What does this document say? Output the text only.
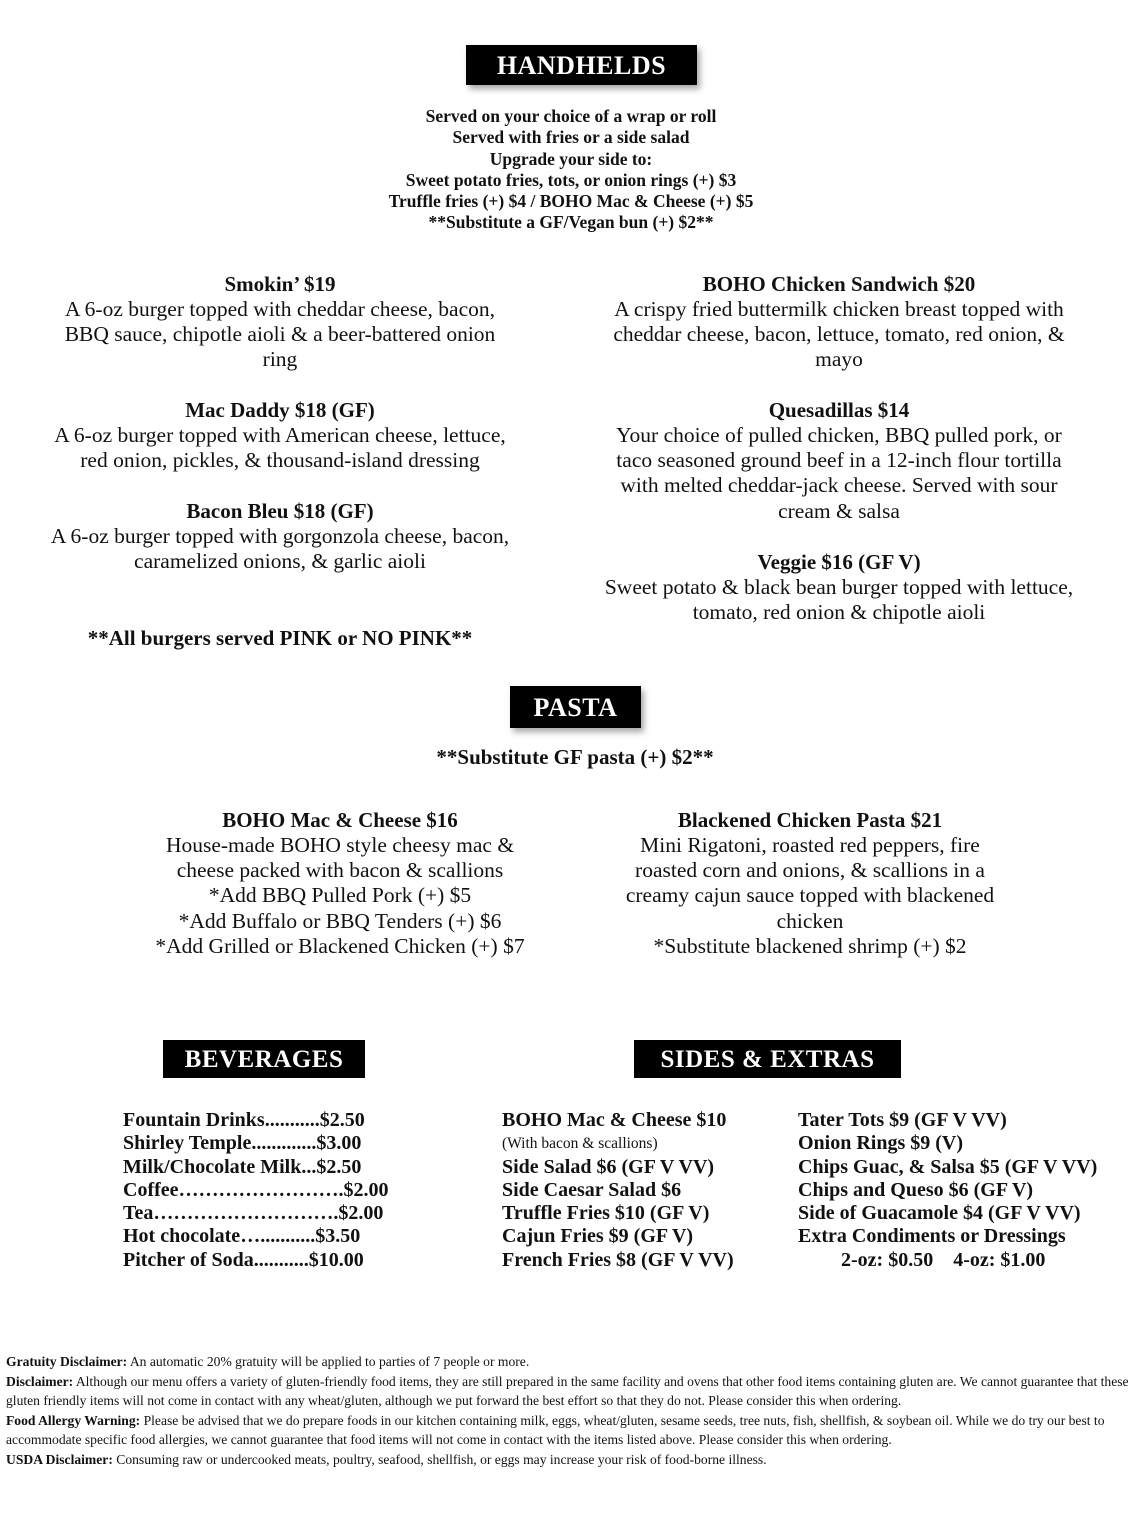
HANDHELDS
Served on your choice of a wrap or roll
Served with fries or a side salad
Upgrade your side to:
Sweet potato fries, tots, or onion rings (+) $3
Truffle fries (+) $4 / BOHO Mac & Cheese (+) $5
**Substitute a GF/Vegan bun (+) $2**
Smokin’ $19
A 6-oz burger topped with cheddar cheese, bacon,
BBQ sauce, chipotle aioli & a beer-battered onion
ring
Mac Daddy $18 (GF)
A 6-oz burger topped with American cheese, lettuce,
red onion, pickles, & thousand-island dressing
Bacon Bleu $18 (GF)
A 6-oz burger topped with gorgonzola cheese, bacon,
caramelized onions, & garlic aioli
BOHO Chicken Sandwich $20
A crispy fried buttermilk chicken breast topped with
cheddar cheese, bacon, lettuce, tomato, red onion, &
mayo
Quesadillas $14
Your choice of pulled chicken, BBQ pulled pork, or
taco seasoned ground beef in a 12-inch flour tortilla
with melted cheddar-jack cheese. Served with sour
cream & salsa
Veggie $16 (GF V)
Sweet potato & black bean burger topped with lettuce,
tomato, red onion & chipotle aioli
**All burgers served PINK or NO PINK**
PASTA
**Substitute GF pasta (+) $2**
BOHO Mac & Cheese $16
House-made BOHO style cheesy mac &
cheese packed with bacon & scallions
*Add BBQ Pulled Pork (+) $5
*Add Buffalo or BBQ Tenders (+) $6
*Add Grilled or Blackened Chicken (+) $7
Blackened Chicken Pasta $21
Mini Rigatoni, roasted red peppers, fire
roasted corn and onions, & scallions in a
creamy cajun sauce topped with blackened
chicken
*Substitute blackened shrimp (+) $2
BEVERAGES
Fountain Drinks...........$2.50
Shirley Temple.............$3.00
Milk/Chocolate Milk...$2.50
Coffee…………………….$2.00
Tea……………………….$2.00
Hot chocolate…...........$3.50
Pitcher of Soda...........$10.00
SIDES & EXTRAS
BOHO Mac & Cheese $10
(With bacon & scallions)
Side Salad $6 (GF V VV)
Side Caesar Salad $6
Truffle Fries $10 (GF V)
Cajun Fries $9 (GF V)
French Fries $8 (GF V VV)
Tater Tots $9 (GF V VV)
Onion Rings $9 (V)
Chips Guac, & Salsa $5 (GF V VV)
Chips and Queso $6 (GF V)
Side of Guacamole $4 (GF V VV)
Extra Condiments or Dressings
2-oz: $0.50    4-oz: $1.00

Gratuity Disclaimer: An automatic 20% gratuity will be applied to parties of 7 people or more.

Disclaimer: Although our menu offers a variety of gluten-friendly food items, they are still prepared in the same facility and ovens that other food items containing gluten are. We cannot guarantee that these gluten friendly items will not come in contact with any wheat/gluten, although we put forward the best effort so that they do not. Please consider this when ordering.

Food Allergy Warning: Please be advised that we do prepare foods in our kitchen containing milk, eggs, wheat/gluten, sesame seeds, tree nuts, fish, shellfish, & soybean oil. While we do try our best to accommodate specific food allergies, we cannot guarantee that food items will not come in contact with the items listed above. Please consider this when ordering.

USDA Disclaimer: Consuming raw or undercooked meats, poultry, seafood, shellfish, or eggs may increase your risk of food-borne illness.
